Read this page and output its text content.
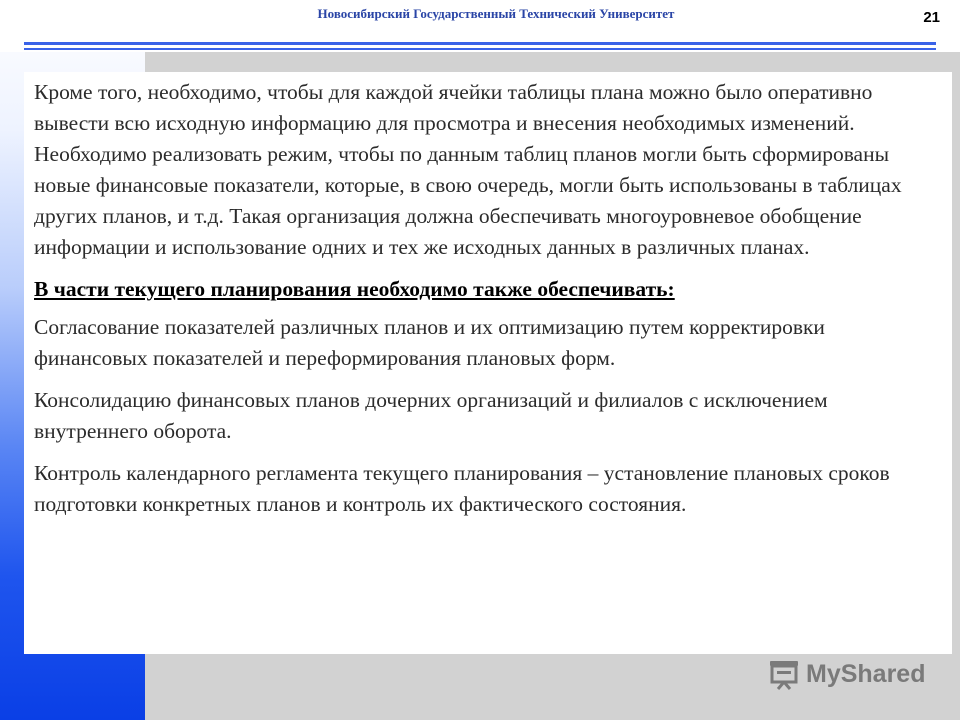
Новосибирский Государственный Технический Университет	21

Кроме того, необходимо, чтобы для каждой ячейки таблицы плана можно было оперативно вывести всю исходную информацию для просмотра и внесения необходимых изменений. Необходимо реализовать режим, чтобы по данным таблиц планов могли быть сформированы новые финансовые показатели, которые, в свою очередь, могли быть использованы в таблицах других планов, и т.д. Такая организация должна обеспечивать многоуровневое обобщение информации и использование одних и тех же исходных данных в различных планах.

В части текущего планирования необходимо также обеспечивать:

Согласование показателей различных планов и их оптимизацию путем корректировки финансовых показателей и переформирования плановых форм.

Консолидацию финансовых планов дочерних организаций и филиалов с исключением внутреннего оборота.

Контроль календарного регламента текущего планирования – установление плановых сроков подготовки конкретных планов и контроль их фактического состояния.

MyShared
